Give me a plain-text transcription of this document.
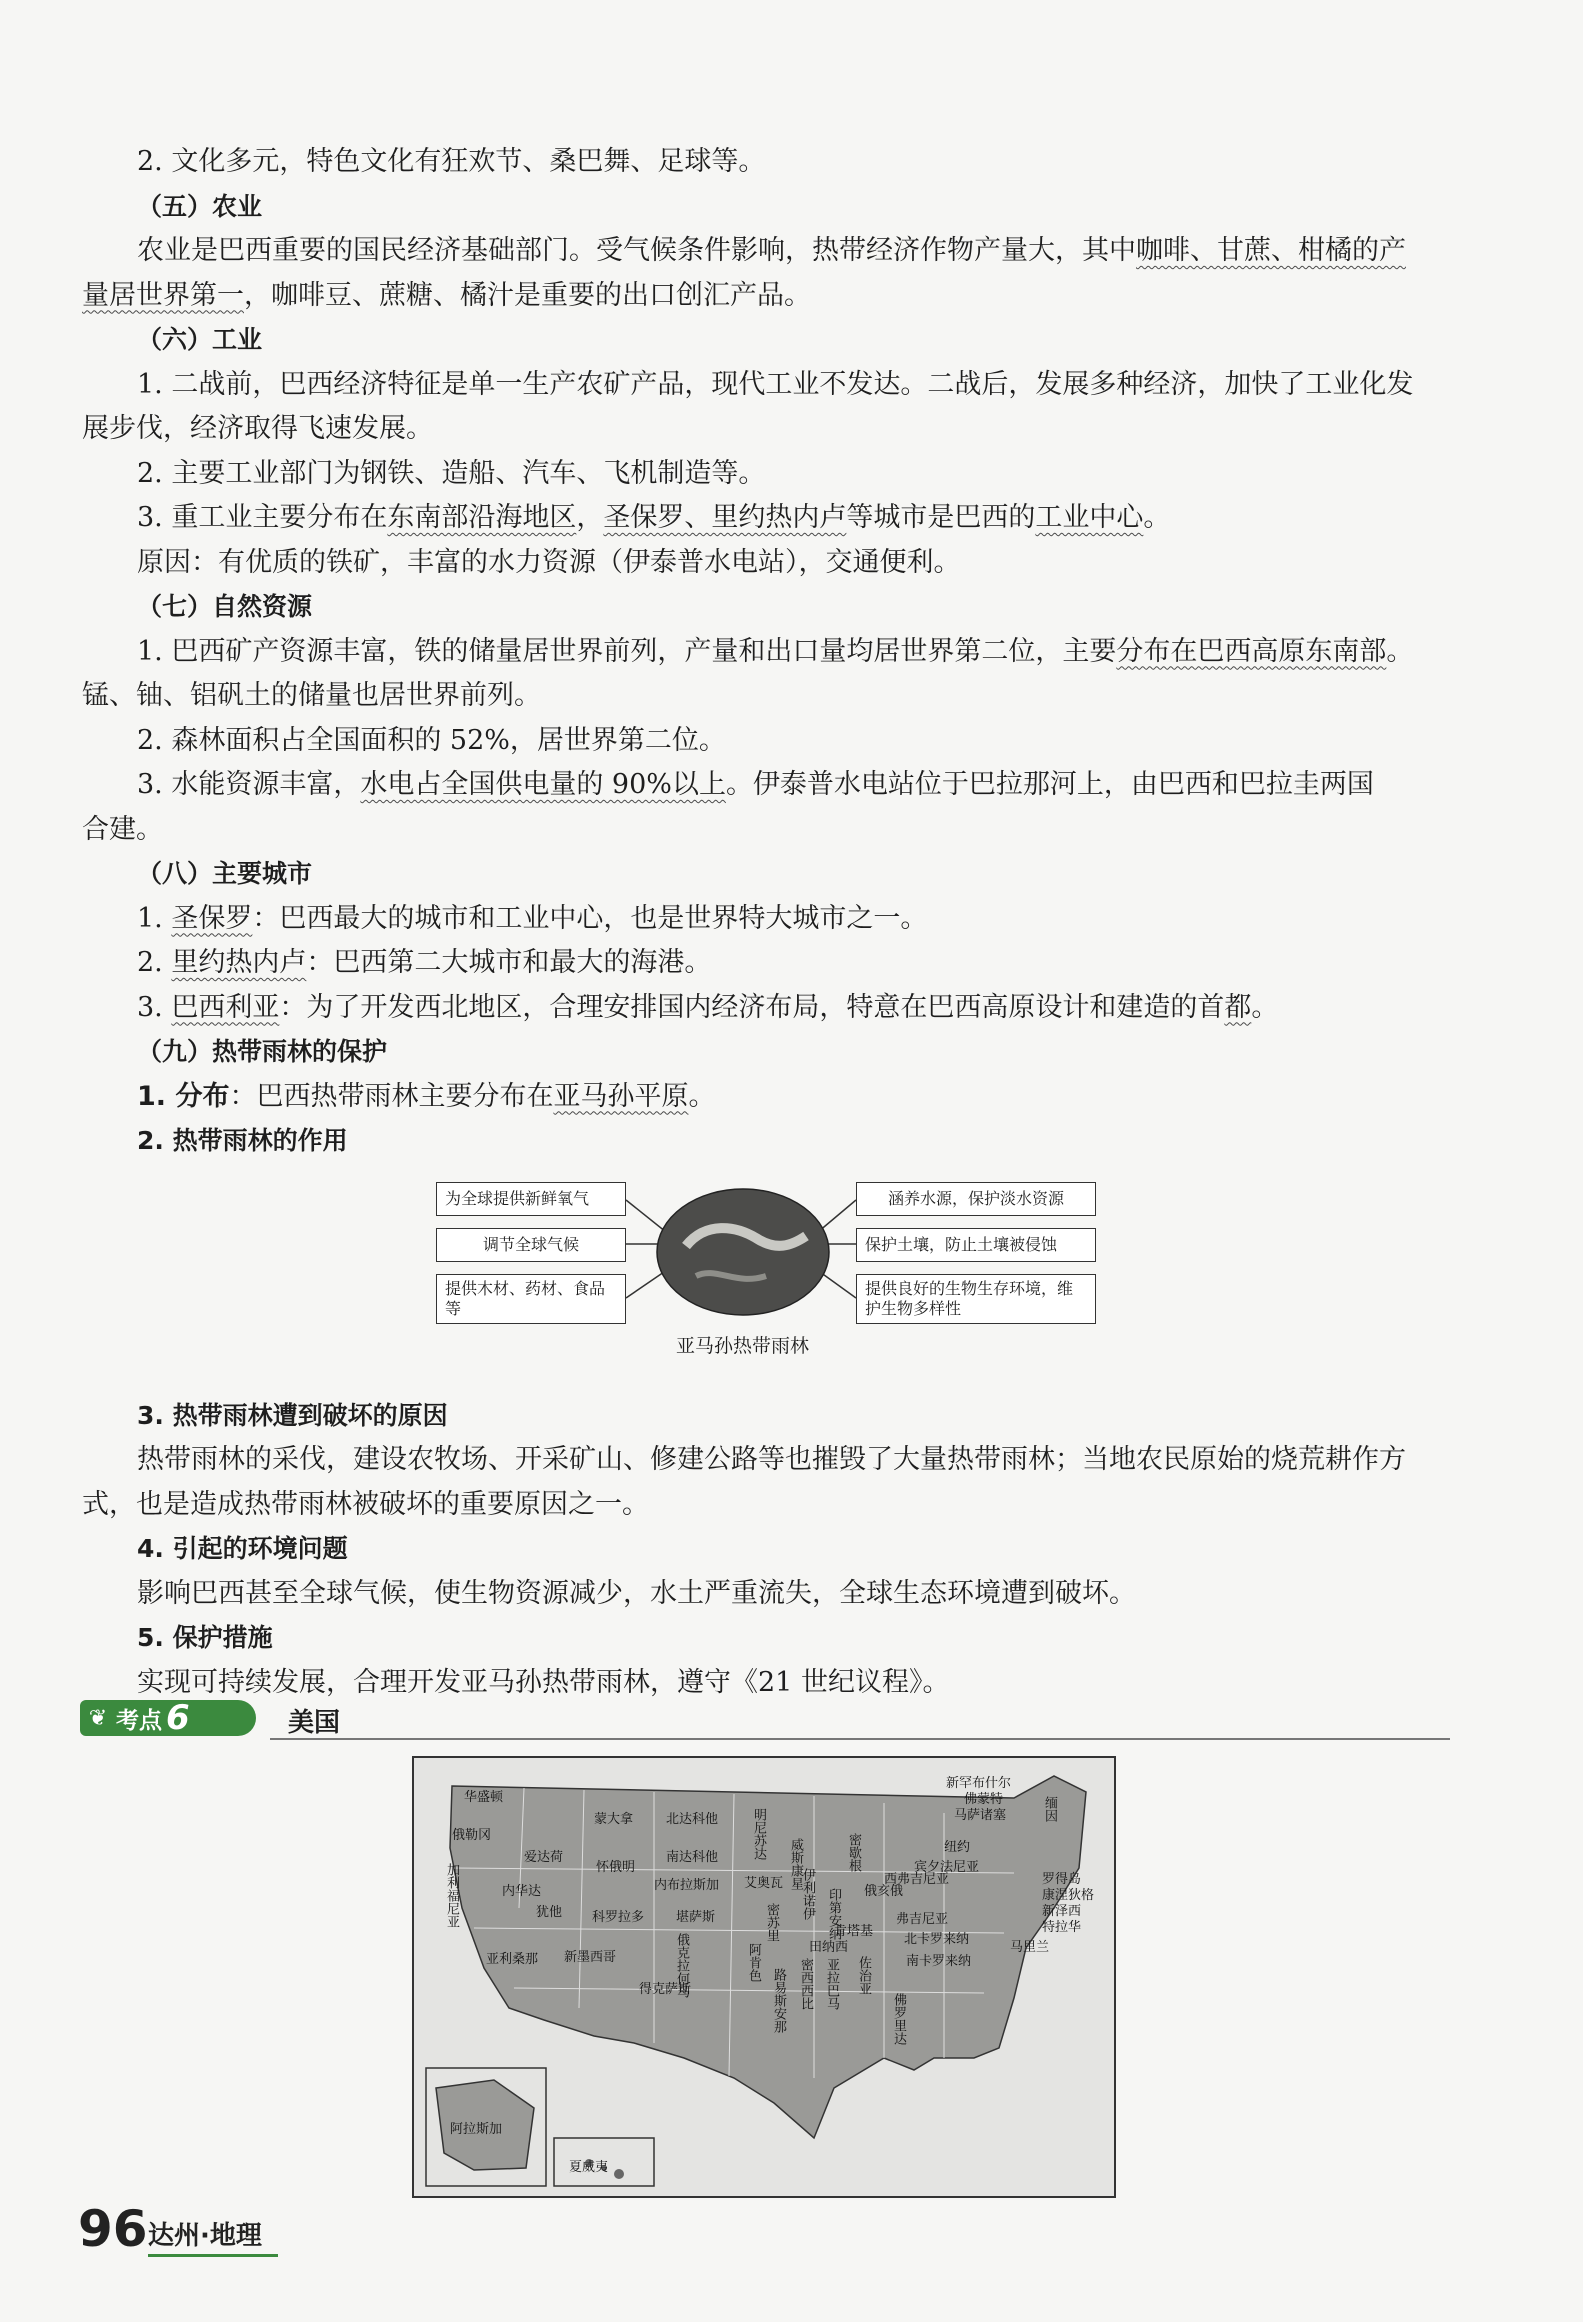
2. 文化多元，特色文化有狂欢节、桑巴舞、足球等。
（五）农业
农业是巴西重要的国民经济基础部门。受气候条件影响，热带经济作物产量大，其中咖啡、甘蔗、柑橘的产
量居世界第一，咖啡豆、蔗糖、橘汁是重要的出口创汇产品。
（六）工业
1. 二战前，巴西经济特征是单一生产农矿产品，现代工业不发达。二战后，发展多种经济，加快了工业化发
展步伐，经济取得飞速发展。
2. 主要工业部门为钢铁、造船、汽车、飞机制造等。
3. 重工业主要分布在东南部沿海地区，圣保罗、里约热内卢等城市是巴西的工业中心。
原因：有优质的铁矿，丰富的水力资源（伊泰普水电站），交通便利。
（七）自然资源
1. 巴西矿产资源丰富，铁的储量居世界前列，产量和出口量均居世界第二位，主要分布在巴西高原东南部。
锰、铀、铝矾土的储量也居世界前列。
2. 森林面积占全国面积的 52%，居世界第二位。
3. 水能资源丰富，水电占全国供电量的 90%以上。伊泰普水电站位于巴拉那河上，由巴西和巴拉圭两国
合建。
（八）主要城市
1. 圣保罗：巴西最大的城市和工业中心，也是世界特大城市之一。
2. 里约热内卢：巴西第二大城市和最大的海港。
3. 巴西利亚：为了开发西北地区，合理安排国内经济布局，特意在巴西高原设计和建造的首都。
（九）热带雨林的保护
1. 分布：巴西热带雨林主要分布在亚马孙平原。
2. 热带雨林的作用
3. 热带雨林遭到破坏的原因
热带雨林的采伐，建设农牧场、开采矿山、修建公路等也摧毁了大量热带雨林；当地农民原始的烧荒耕作方
式，也是造成热带雨林被破坏的重要原因之一。
4. 引起的环境问题
影响巴西甚至全球气候，使生物资源减少，水土严重流失，全球生态环境遭到破坏。
5. 保护措施
实现可持续发展，合理开发亚马孙热带雨林，遵守《21 世纪议程》。
为全球提供新鲜氧气
调节全球气候
提供木材、药材、食品等
涵养水源，保护淡水资源
保护土壤，防止土壤被侵蚀
提供良好的生物生存环境，维护生物多样性
亚马孙热带雨林
❦ 考点 6	美国
华盛顿
俄勒冈
爱达荷
蒙大拿	北达科他	明尼苏达
威斯康星	密歇根
怀俄明
南达科他
艾奥瓦
内布拉斯加
内华达
犹他 科罗拉多 堪萨斯	密苏里
伊利诺伊 印第安纳 俄亥俄
肯塔基
加利福尼亚
亚利桑那 新墨西哥	俄克拉何马
得克萨斯
阿肯色
路易斯安那 密西西比 亚拉巴马 佐治亚
佛罗里达
田纳西
北卡罗来纳
南卡罗来纳
弗吉尼亚
西弗吉尼亚
宾夕法尼亚
纽约
缅因
佛蒙特
新罕布什尔
马萨诸塞
罗得岛
康涅狄格
新泽西
特拉华
马里兰
阿拉斯加
夏威夷
96 达州·地理
